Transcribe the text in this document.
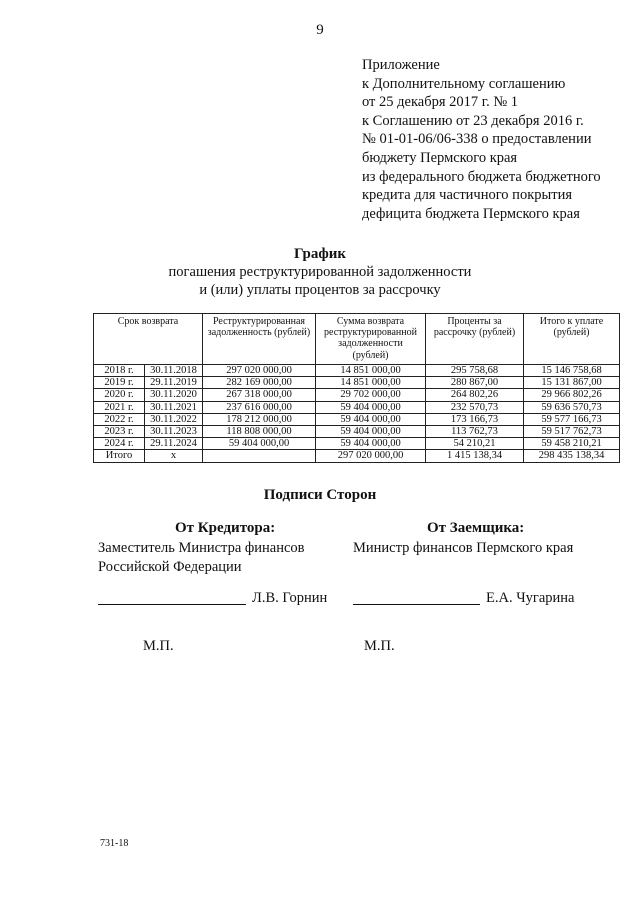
9
Приложение
к Дополнительному соглашению
от 25 декабря 2017 г. № 1
к Соглашению от 23 декабря 2016 г.
№ 01-01-06/06-338 о предоставлении
бюджету Пермского края
из федерального бюджета бюджетного
кредита для частичного покрытия
дефицита бюджета Пермского края
График
погашения реструктурированной задолженности
и (или) уплаты процентов за рассрочку
Срок возврата		Реструктурированная задолженность (рублей)	Сумма возврата реструктурированной задолженности (рублей)	Проценты за рассрочку (рублей)	Итого к уплате (рублей)
2018 г.	30.11.2018	297 020 000,00	14 851 000,00	295 758,68	15 146 758,68
2019 г.	29.11.2019	282 169 000,00	14 851 000,00	280 867,00	15 131 867,00
2020 г.	30.11.2020	267 318 000,00	29 702 000,00	264 802,26	29 966 802,26
2021 г.	30.11.2021	237 616 000,00	59 404 000,00	232 570,73	59 636 570,73
2022 г.	30.11.2022	178 212 000,00	59 404 000,00	173 166,73	59 577 166,73
2023 г.	30.11.2023	118 808 000,00	59 404 000,00	113 762,73	59 517 762,73
2024 г.	29.11.2024	59 404 000,00	59 404 000,00	54 210,21	59 458 210,21
Итого	x		297 020 000,00	1 415 138,34	298 435 138,34
Подписи Сторон
От Кредитора:
Заместитель Министра финансов
Российской Федерации
Л.В. Горнин
М.П.
От Заемщика:
Министр финансов Пермского края
Е.А. Чугарина
М.П.
731-18
